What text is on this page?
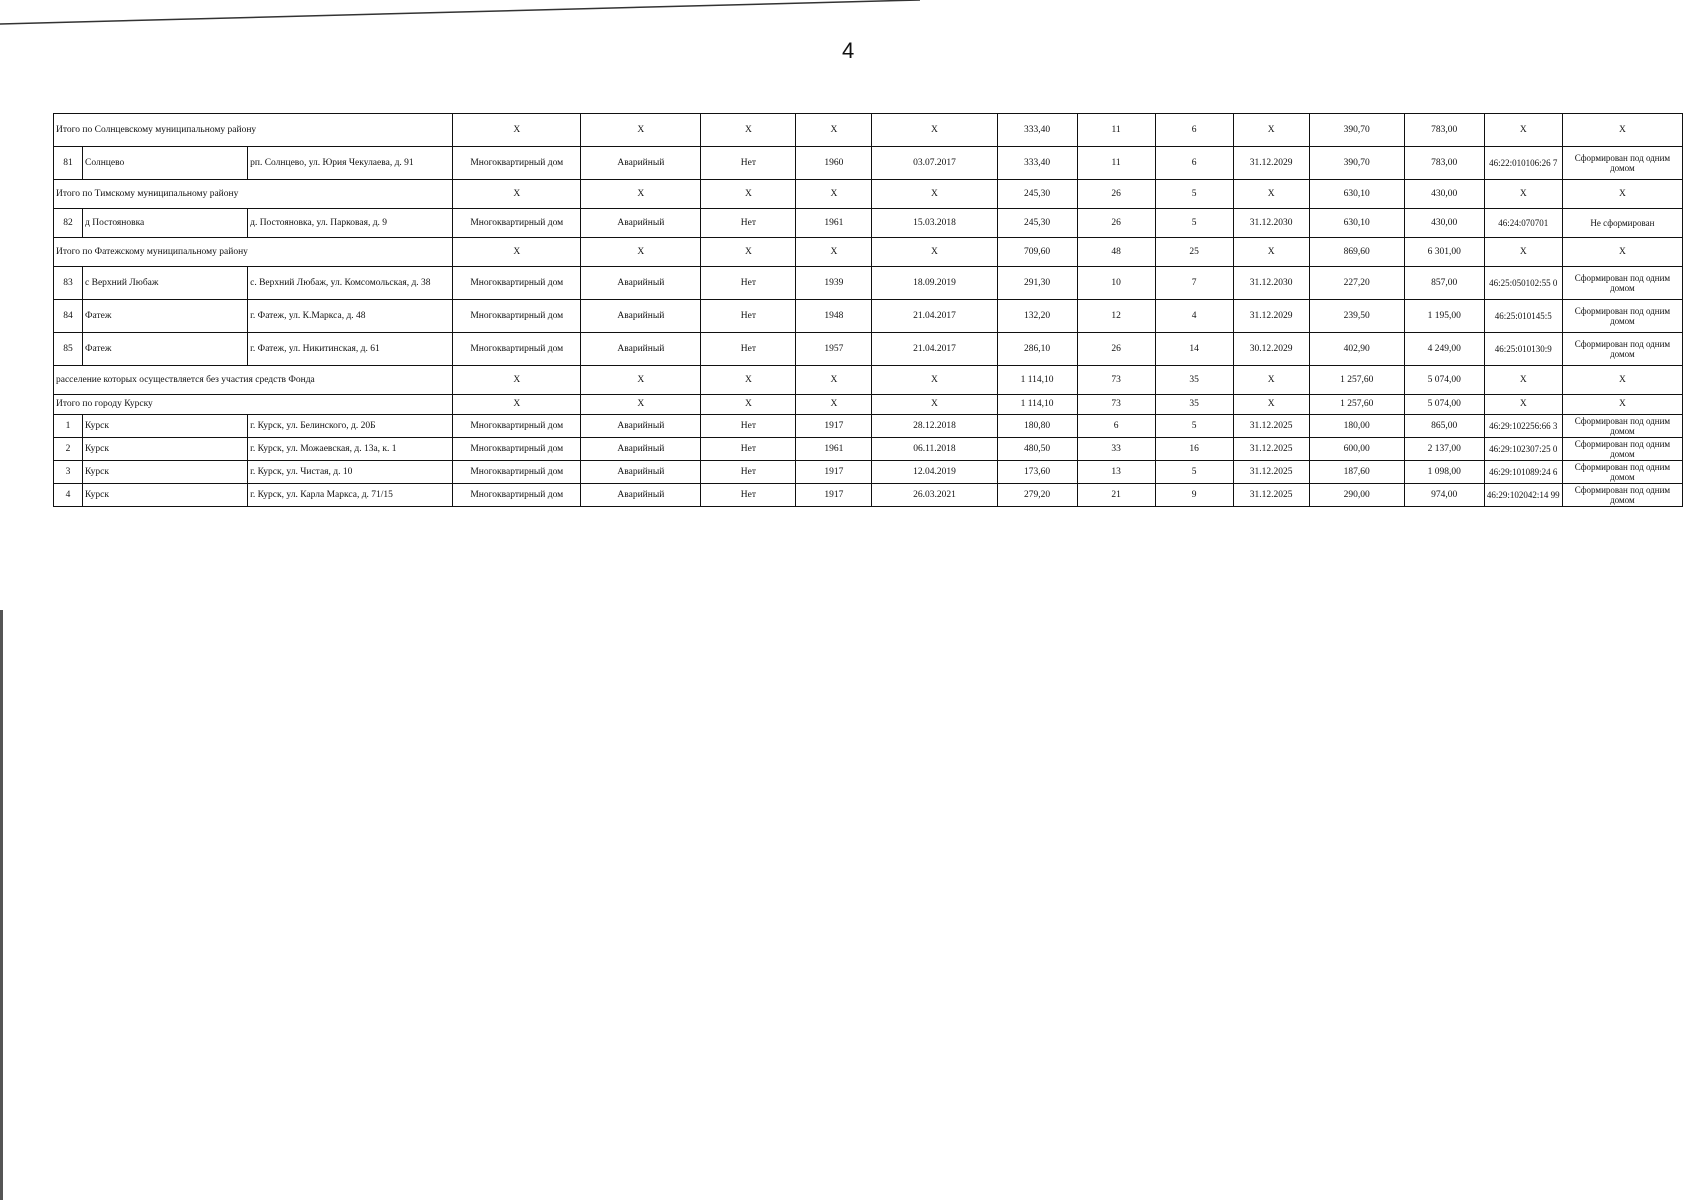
4
Итого по Солнцевскому муниципальному району			X	X	X	X	X	333,40	11	6	X	390,70	783,00	X	X
81	Солнцево	рп. Солнцево, ул. Юрия Чекулаева, д. 91	Многоквартирный дом	Аварийный	Нет	1960	03.07.2017	333,40	11	6	31.12.2029	390,70	783,00	46:22:010106:26 7	Сформирован под одним домом
Итого по Тимскому муниципальному району			X	X	X	X	X	245,30	26	5	X	630,10	430,00	X	X
82	д Постояновка	д. Постояновка, ул. Парковая, д. 9	Многоквартирный дом	Аварийный	Нет	1961	15.03.2018	245,30	26	5	31.12.2030	630,10	430,00	46:24:070701	Не сформирован
Итого по Фатежскому муниципальному району			X	X	X	X	X	709,60	48	25	X	869,60	6 301,00	X	X
83	с Верхний Любаж	с. Верхний Любаж, ул. Комсомольская, д. 38	Многоквартирный дом	Аварийный	Нет	1939	18.09.2019	291,30	10	7	31.12.2030	227,20	857,00	46:25:050102:55 0	Сформирован под одним домом
84	Фатеж	г. Фатеж, ул. К.Маркса, д. 48	Многоквартирный дом	Аварийный	Нет	1948	21.04.2017	132,20	12	4	31.12.2029	239,50	1 195,00	46:25:010145:5	Сформирован под одним домом
85	Фатеж	г. Фатеж, ул. Никитинская, д. 61	Многоквартирный дом	Аварийный	Нет	1957	21.04.2017	286,10	26	14	30.12.2029	402,90	4 249,00	46:25:010130:9	Сформирован под одним домом
расселение которых осуществляется без участия средств Фонда			X	X	X	X	X	1 114,10	73	35	X	1 257,60	5 074,00	X	X
Итого по городу Курску			X	X	X	X	X	1 114,10	73	35	X	1 257,60	5 074,00	X	X
1	Курск	г. Курск, ул. Белинского, д. 20Б	Многоквартирный дом	Аварийный	Нет	1917	28.12.2018	180,80	6	5	31.12.2025	180,00	865,00	46:29:102256:66 3	Сформирован под одним домом
2	Курск	г. Курск, ул. Можаевская, д. 13а, к. 1	Многоквартирный дом	Аварийный	Нет	1961	06.11.2018	480,50	33	16	31.12.2025	600,00	2 137,00	46:29:102307:25 0	Сформирован под одним домом
3	Курск	г. Курск, ул. Чистая, д. 10	Многоквартирный дом	Аварийный	Нет	1917	12.04.2019	173,60	13	5	31.12.2025	187,60	1 098,00	46:29:101089:24 6	Сформирован под одним домом
4	Курск	г. Курск, ул. Карла Маркса, д. 71/15	Многоквартирный дом	Аварийный	Нет	1917	26.03.2021	279,20	21	9	31.12.2025	290,00	974,00	46:29:102042:14 99	Сформирован под одним домом
